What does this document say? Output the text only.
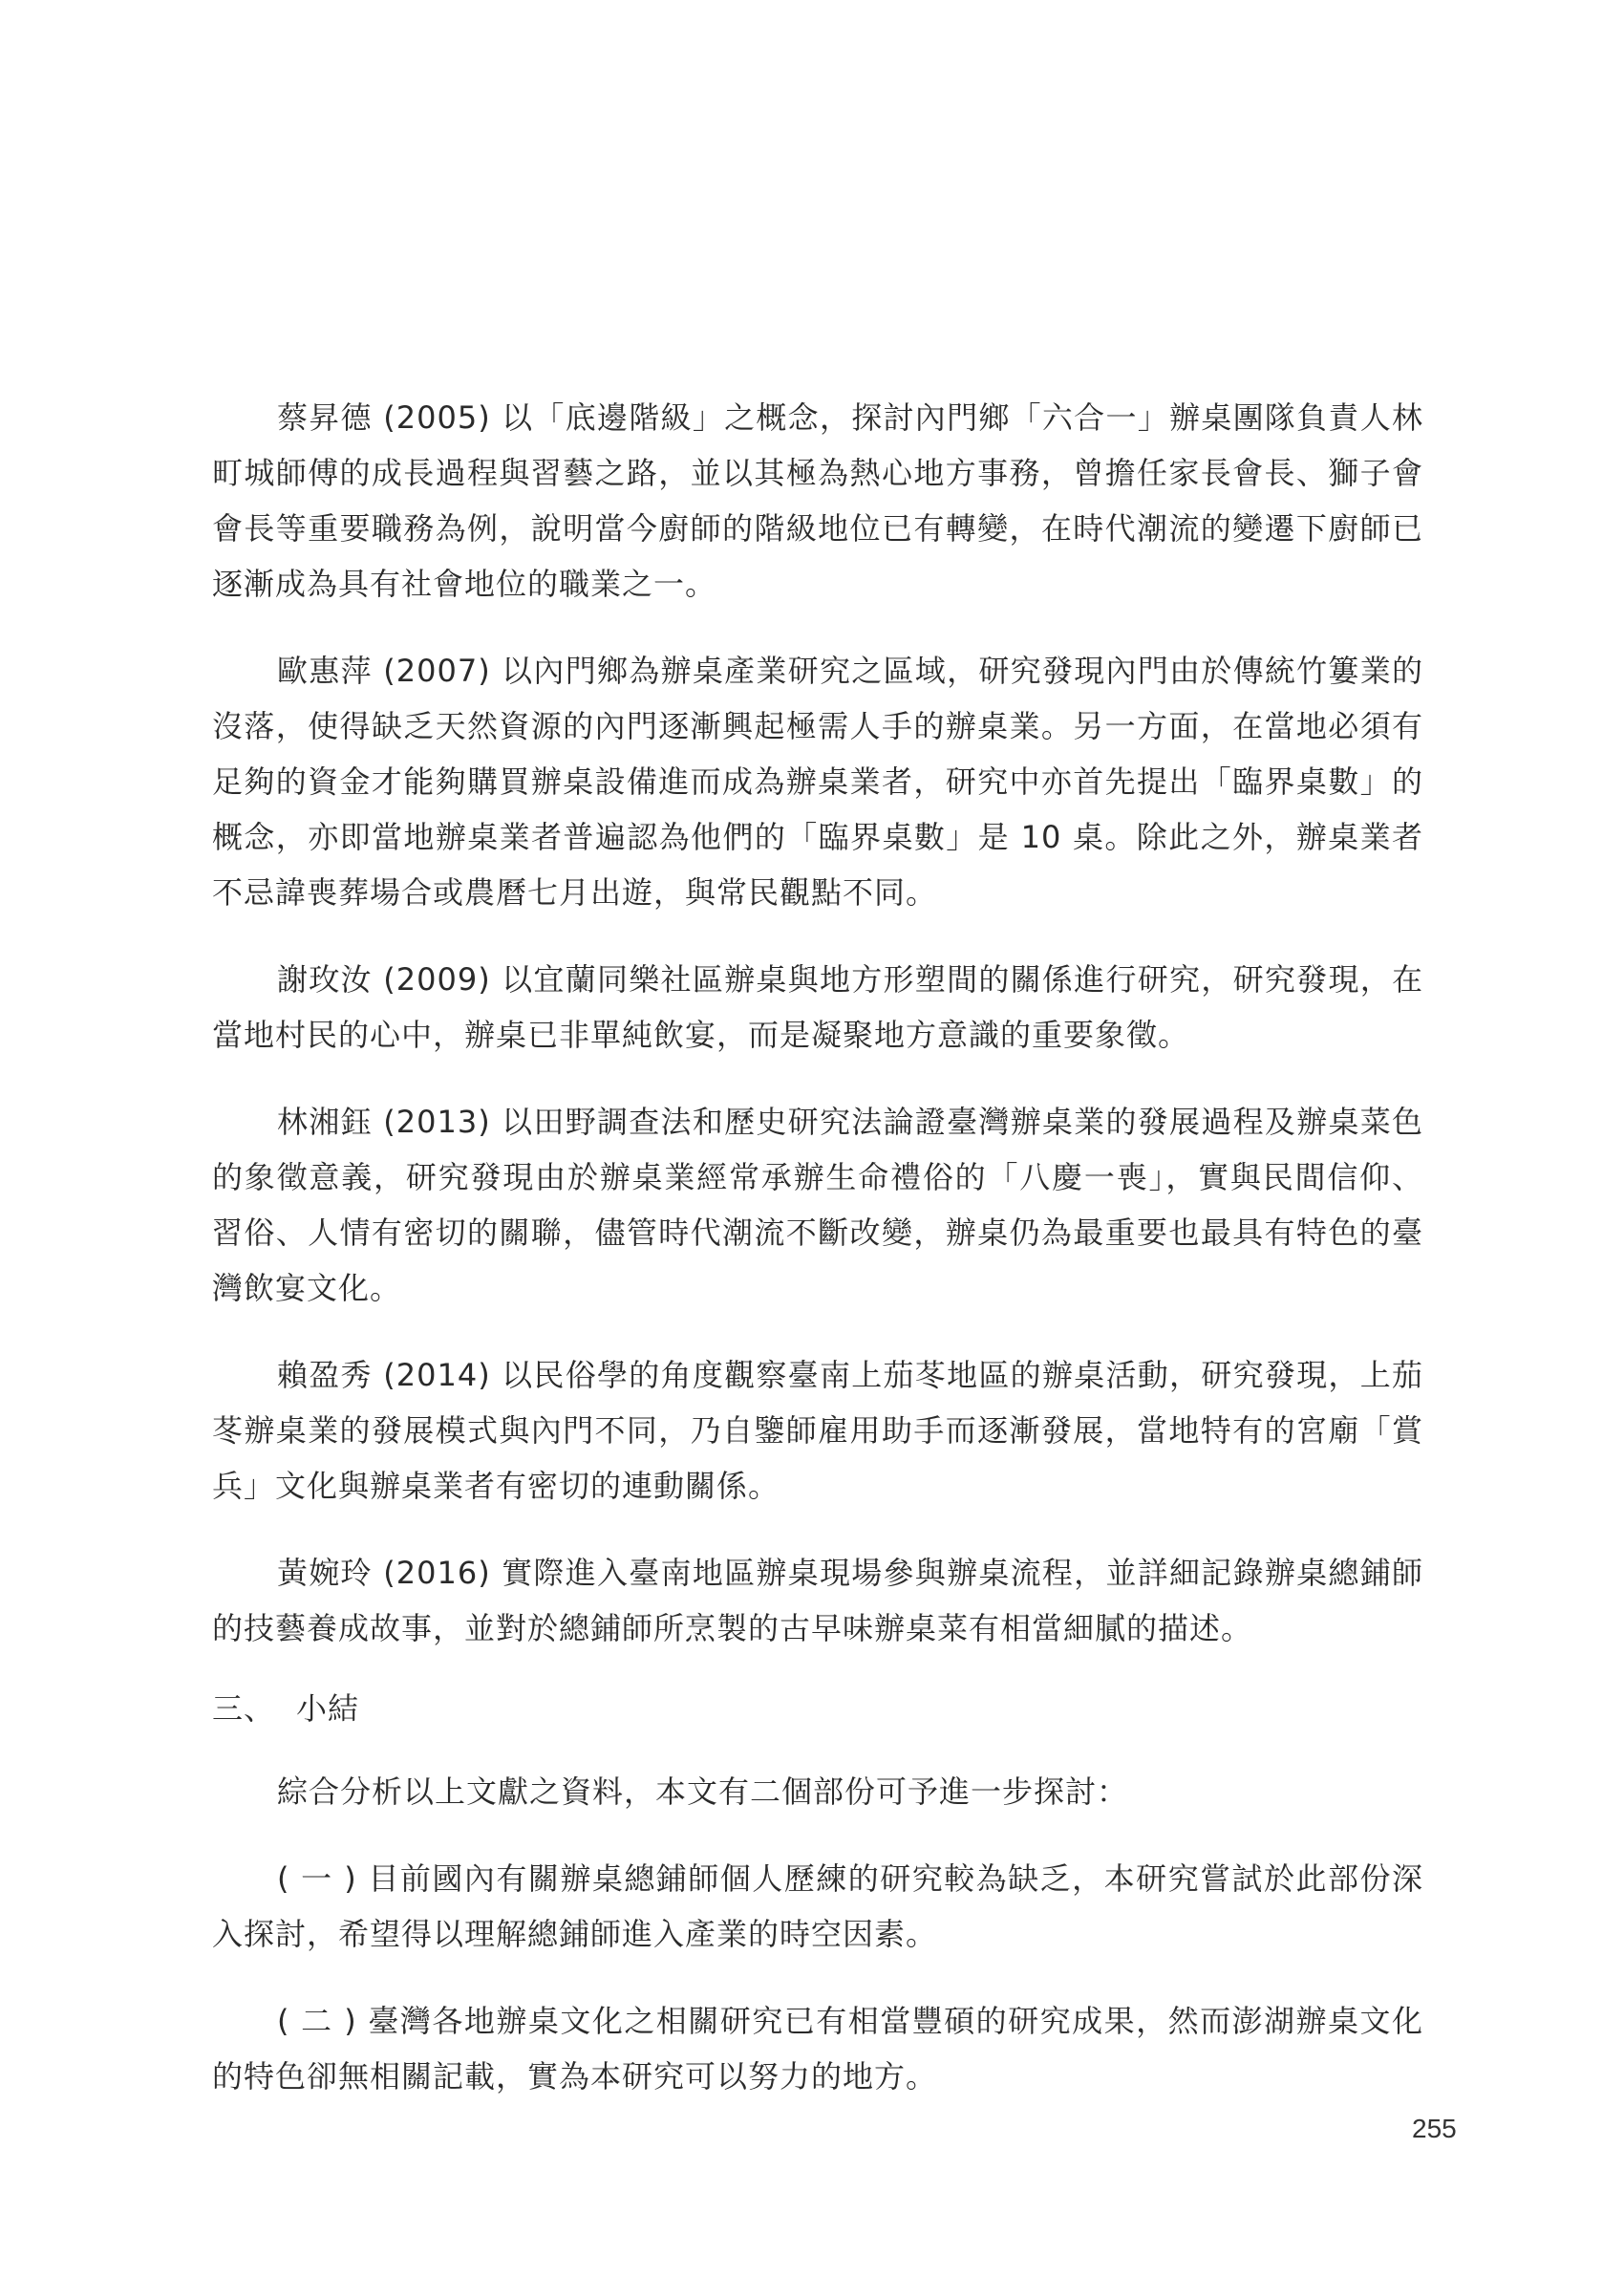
蔡昇德 (2005) 以「底邊階級」之概念，探討內門鄉「六合一」辦桌團隊負責人林町城師傅的成長過程與習藝之路，並以其極為熱心地方事務，曾擔任家長會長、獅子會會長等重要職務為例，說明當今廚師的階級地位已有轉變，在時代潮流的變遷下廚師已逐漸成為具有社會地位的職業之一。

歐惠萍 (2007) 以內門鄉為辦桌產業研究之區域，研究發現內門由於傳統竹簍業的沒落，使得缺乏天然資源的內門逐漸興起極需人手的辦桌業。另一方面，在當地必須有足夠的資金才能夠購買辦桌設備進而成為辦桌業者，研究中亦首先提出「臨界桌數」的概念，亦即當地辦桌業者普遍認為他們的「臨界桌數」是 10 桌。除此之外，辦桌業者不忌諱喪葬場合或農曆七月出遊，與常民觀點不同。

謝玫汝 (2009) 以宜蘭同樂社區辦桌與地方形塑間的關係進行研究，研究發現，在當地村民的心中，辦桌已非單純飲宴，而是凝聚地方意識的重要象徵。

林湘鈺 (2013) 以田野調查法和歷史研究法論證臺灣辦桌業的發展過程及辦桌菜色的象徵意義，研究發現由於辦桌業經常承辦生命禮俗的「八慶一喪」，實與民間信仰、習俗、人情有密切的關聯，儘管時代潮流不斷改變，辦桌仍為最重要也最具有特色的臺灣飲宴文化。

賴盈秀 (2014) 以民俗學的角度觀察臺南上茄苳地區的辦桌活動，研究發現，上茄苳辦桌業的發展模式與內門不同，乃自鑒師雇用助手而逐漸發展，當地特有的宮廟「賞兵」文化與辦桌業者有密切的連動關係。

黃婉玲 (2016) 實際進入臺南地區辦桌現場參與辦桌流程，並詳細記錄辦桌總鋪師的技藝養成故事，並對於總鋪師所烹製的古早味辦桌菜有相當細膩的描述。

三、 小結

綜合分析以上文獻之資料，本文有二個部份可予進一步探討：

( 一 ) 目前國內有關辦桌總鋪師個人歷練的研究較為缺乏，本研究嘗試於此部份深入探討，希望得以理解總鋪師進入產業的時空因素。

( 二 ) 臺灣各地辦桌文化之相關研究已有相當豐碩的研究成果，然而澎湖辦桌文化的特色卻無相關記載，實為本研究可以努力的地方。

255
